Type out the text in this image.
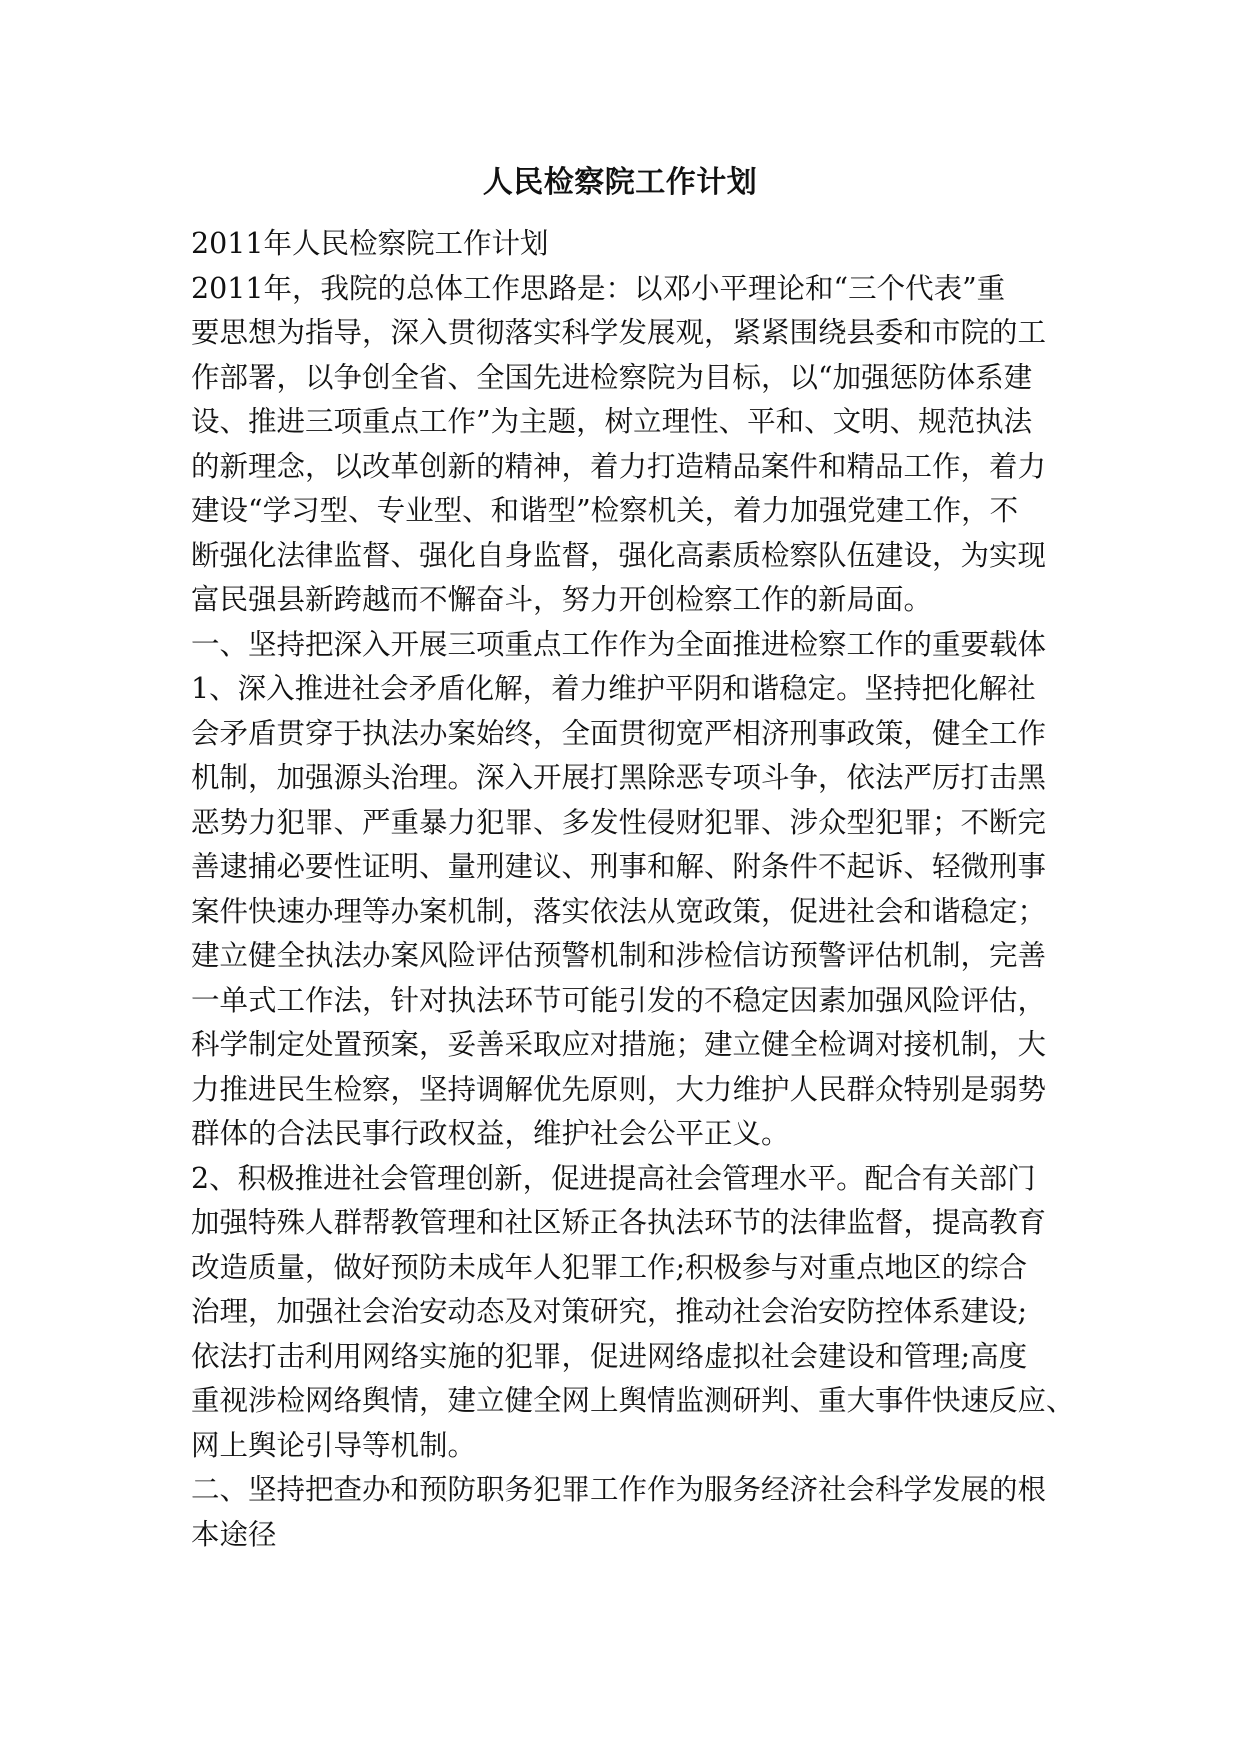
人民检察院工作计划
2011年人民检察院工作计划
2011年，我院的总体工作思路是：以邓小平理论和“三个代表”重
要思想为指导，深入贯彻落实科学发展观，紧紧围绕县委和市院的工
作部署，以争创全省、全国先进检察院为目标，以“加强惩防体系建
设、推进三项重点工作”为主题，树立理性、平和、文明、规范执法
的新理念，以改革创新的精神，着力打造精品案件和精品工作，着力
建设“学习型、专业型、和谐型”检察机关，着力加强党建工作，不
断强化法律监督、强化自身监督，强化高素质检察队伍建设，为实现
富民强县新跨越而不懈奋斗，努力开创检察工作的新局面。
一、坚持把深入开展三项重点工作作为全面推进检察工作的重要载体
1、深入推进社会矛盾化解，着力维护平阴和谐稳定。坚持把化解社
会矛盾贯穿于执法办案始终，全面贯彻宽严相济刑事政策，健全工作
机制，加强源头治理。深入开展打黑除恶专项斗争，依法严厉打击黑
恶势力犯罪、严重暴力犯罪、多发性侵财犯罪、涉众型犯罪；不断完
善逮捕必要性证明、量刑建议、刑事和解、附条件不起诉、轻微刑事
案件快速办理等办案机制，落实依法从宽政策，促进社会和谐稳定；
建立健全执法办案风险评估预警机制和涉检信访预警评估机制，完善
一单式工作法，针对执法环节可能引发的不稳定因素加强风险评估，
科学制定处置预案，妥善采取应对措施；建立健全检调对接机制，大
力推进民生检察，坚持调解优先原则，大力维护人民群众特别是弱势
群体的合法民事行政权益，维护社会公平正义。
2、积极推进社会管理创新，促进提高社会管理水平。配合有关部门
加强特殊人群帮教管理和社区矫正各执法环节的法律监督，提高教育
改造质量，做好预防未成年人犯罪工作;积极参与对重点地区的综合
治理，加强社会治安动态及对策研究，推动社会治安防控体系建设;
依法打击利用网络实施的犯罪，促进网络虚拟社会建设和管理;高度
重视涉检网络舆情，建立健全网上舆情监测研判、重大事件快速反应、
网上舆论引导等机制。
二、坚持把查办和预防职务犯罪工作作为服务经济社会科学发展的根
本途径
